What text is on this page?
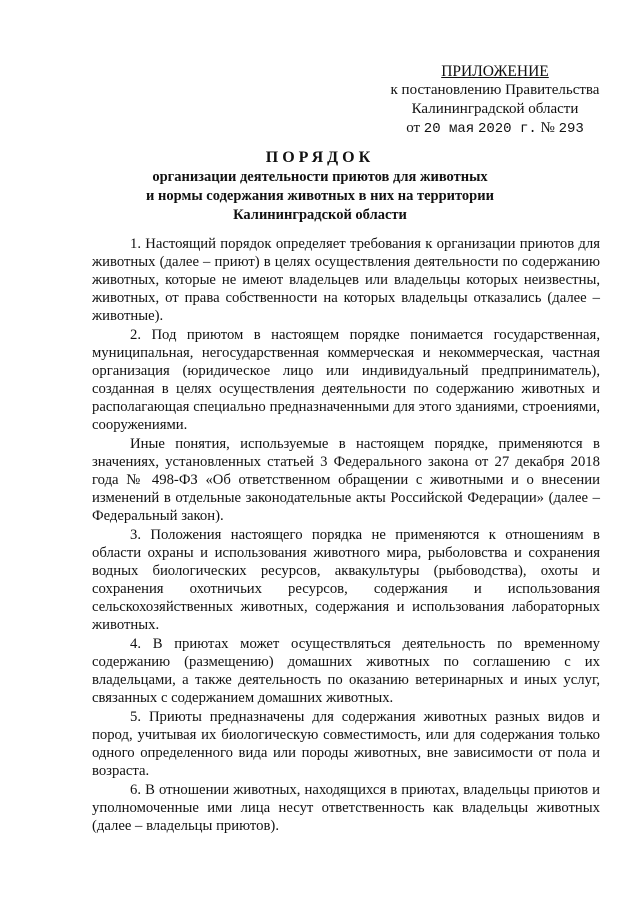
ПРИЛОЖЕНИЕ
к постановлению Правительства
Калининградской области
от 20 мая 2020 г. № 293
ПОРЯДОК
организации деятельности приютов для животных
и нормы содержания животных в них на территории
Калининградской области

1. Настоящий порядок определяет требования к организации приютов для животных (далее – приют) в целях осуществления деятельности по содержанию животных, которые не имеют владельцев или владельцы которых неизвестны, животных, от права собственности на которых владельцы отказались (далее – животные).

2. Под приютом в настоящем порядке понимается государственная, муниципальная, негосударственная коммерческая и некоммерческая, частная организация (юридическое лицо или индивидуальный предприниматель), созданная в целях осуществления деятельности по содержанию животных и располагающая специально предназначенными для этого зданиями, строениями, сооружениями.

Иные понятия, используемые в настоящем порядке, применяются в значениях, установленных статьей 3 Федерального закона от 27 декабря 2018 года № 498-ФЗ «Об ответственном обращении с животными и о внесении изменений в отдельные законодательные акты Российской Федерации» (далее – Федеральный закон).

3. Положения настоящего порядка не применяются к отношениям в области охраны и использования животного мира, рыболовства и сохранения водных биологических ресурсов, аквакультуры (рыбоводства), охоты и сохранения охотничьих ресурсов, содержания и использования сельскохозяйственных животных, содержания и использования лабораторных животных.

4. В приютах может осуществляться деятельность по временному содержанию (размещению) домашних животных по соглашению с их владельцами, а также деятельность по оказанию ветеринарных и иных услуг, связанных с содержанием домашних животных.

5. Приюты предназначены для содержания животных разных видов и пород, учитывая их биологическую совместимость, или для содержания только одного определенного вида или породы животных, вне зависимости от пола и возраста.

6. В отношении животных, находящихся в приютах, владельцы приютов и уполномоченные ими лица несут ответственность как владельцы животных (далее – владельцы приютов).
